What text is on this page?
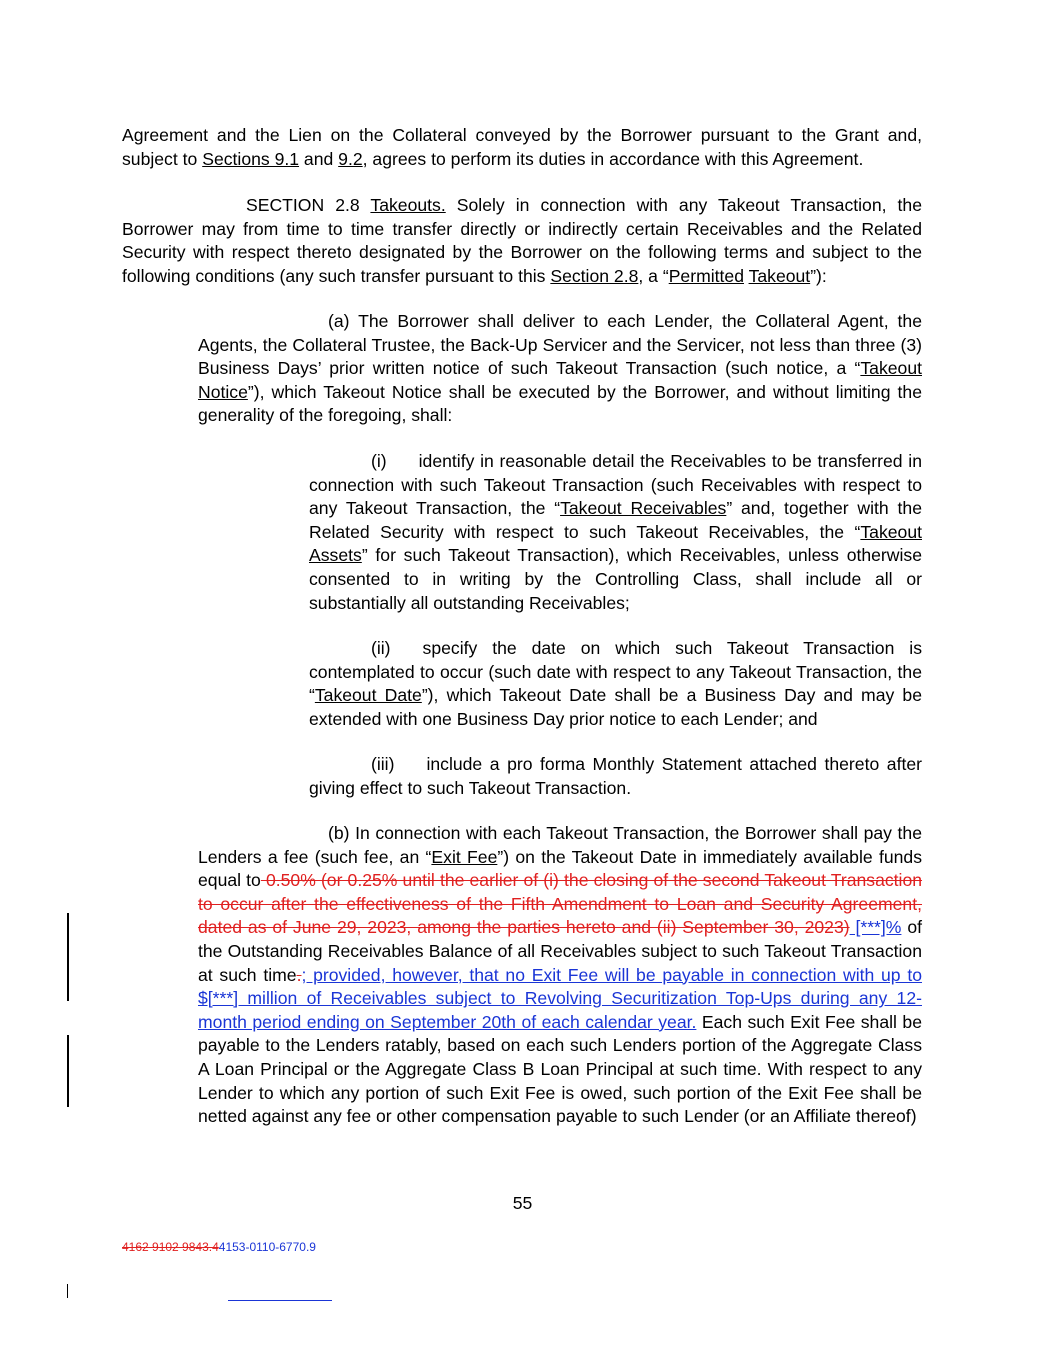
Agreement and the Lien on the Collateral conveyed by the Borrower pursuant to the Grant and, subject to Sections 9.1 and 9.2, agrees to perform its duties in accordance with this Agreement.

SECTION 2.8 Takeouts. Solely in connection with any Takeout Transaction, the Borrower may from time to time transfer directly or indirectly certain Receivables and the Related Security with respect thereto designated by the Borrower on the following terms and subject to the following conditions (any such transfer pursuant to this Section 2.8, a “Permitted Takeout”):

(a) The Borrower shall deliver to each Lender, the Collateral Agent, the Agents, the Collateral Trustee, the Back-Up Servicer and the Servicer, not less than three (3) Business Days’ prior written notice of such Takeout Transaction (such notice, a “Takeout Notice”), which Takeout Notice shall be executed by the Borrower, and without limiting the generality of the foregoing, shall:

(i) identify in reasonable detail the Receivables to be transferred in connection with such Takeout Transaction (such Receivables with respect to any Takeout Transaction, the “Takeout Receivables” and, together with the Related Security with respect to such Takeout Receivables, the “Takeout Assets” for such Takeout Transaction), which Receivables, unless otherwise consented to in writing by the Controlling Class, shall include all or substantially all outstanding Receivables;

(ii) specify the date on which such Takeout Transaction is contemplated to occur (such date with respect to any Takeout Transaction, the “Takeout Date”), which Takeout Date shall be a Business Day and may be extended with one Business Day prior notice to each Lender; and

(iii) include a pro forma Monthly Statement attached thereto after giving effect to such Takeout Transaction.

(b) In connection with each Takeout Transaction, the Borrower shall pay the Lenders a fee (such fee, an “Exit Fee”) on the Takeout Date in immediately available funds equal to 0.50% (or 0.25% until the earlier of (i) the closing of the second Takeout Transaction to occur after the effectiveness of the Fifth Amendment to Loan and Security Agreement, dated as of June 29, 2023, among the parties hereto and (ii) September 30, 2023) [***]% of the Outstanding Receivables Balance of all Receivables subject to such Takeout Transaction at such time.; provided, however, that no Exit Fee will be payable in connection with up to $[***] million of Receivables subject to Revolving Securitization Top-Ups during any 12-month period ending on September 20th of each calendar year. Each such Exit Fee shall be payable to the Lenders ratably, based on each such Lenders portion of the Aggregate Class A Loan Principal or the Aggregate Class B Loan Principal at such time. With respect to any Lender to which any portion of such Exit Fee is owed, such portion of the Exit Fee shall be netted against any fee or other compensation payable to such Lender (or an Affiliate thereof)

55
4162 9102 9843.44153-0110-6770.9
